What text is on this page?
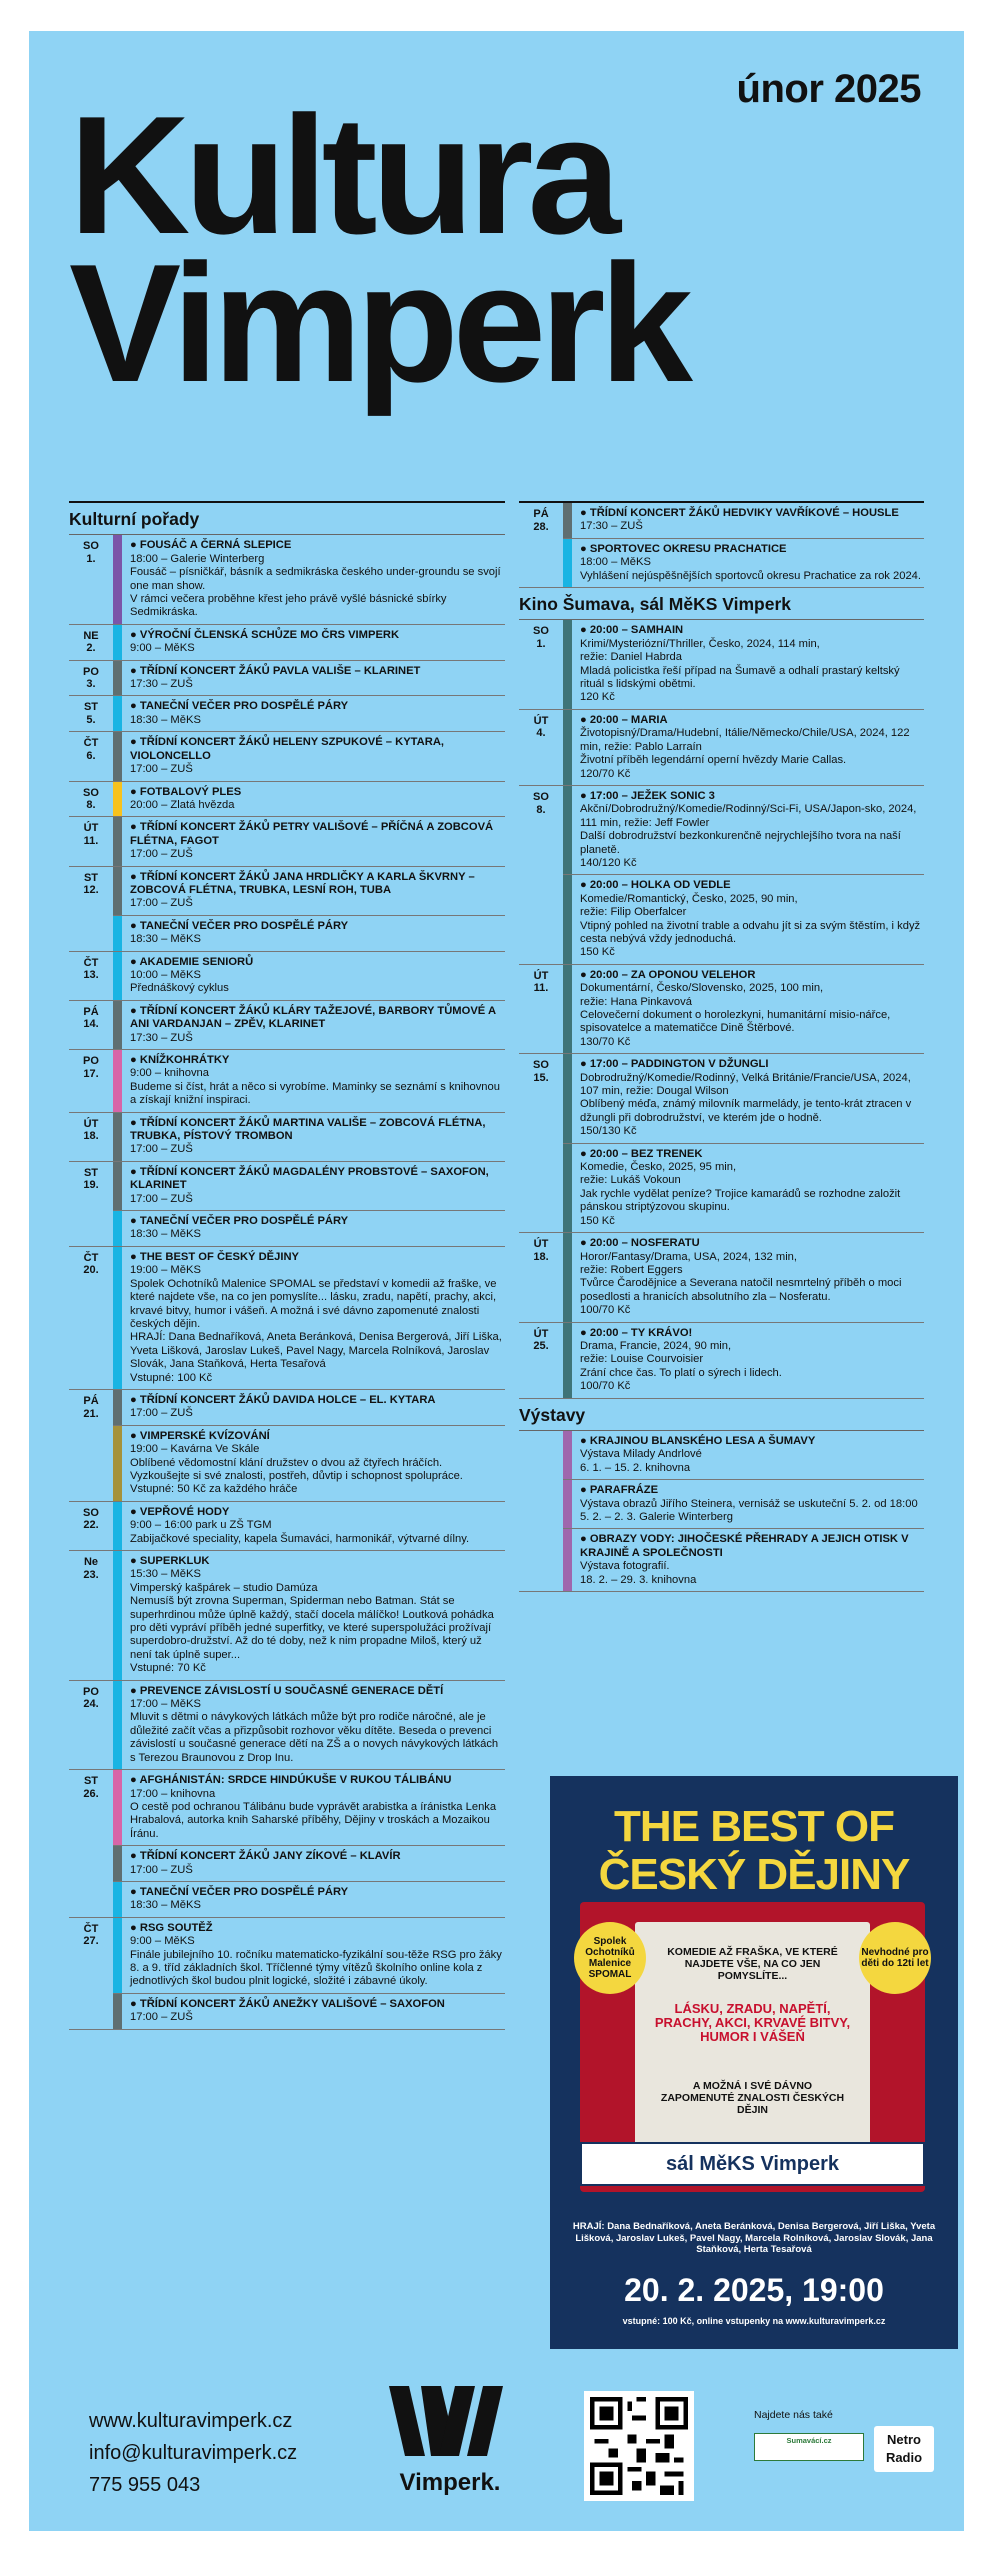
únor 2025
Kultura
Vimperk
Kulturní pořady
SO
1.
● FOUSÁČ A ČERNÁ SLEPICE
18:00 – Galerie Winterberg
Fousáč – písničkář, básník a sedmikráska českého under-groundu se svojí one man show.
V rámci večera proběhne křest jeho právě vyšlé básnické sbírky Sedmikráska.
NE
2.
● VÝROČNÍ ČLENSKÁ SCHŮZE MO ČRS VIMPERK
9:00 – MěKS
PO
3.
● TŘÍDNÍ KONCERT ŽÁKŮ PAVLA VALIŠE – KLARINET
17:30 – ZUŠ
ST
5.
● TANEČNÍ VEČER PRO DOSPĚLÉ PÁRY
18:30 – MěKS
ČT
6.
● TŘÍDNÍ KONCERT ŽÁKŮ HELENY SZPUKOVÉ – KYTARA, VIOLONCELLO
17:00 – ZUŠ
SO
8.
● FOTBALOVÝ PLES
20:00 – Zlatá hvězda
ÚT
11.
● TŘÍDNÍ KONCERT ŽÁKŮ PETRY VALIŠOVÉ – PŘÍČNÁ A ZOBCOVÁ FLÉTNA, FAGOT
17:00 – ZUŠ
ST
12.
● TŘÍDNÍ KONCERT ŽÁKŮ JANA HRDLIČKY A KARLA ŠKVRNY – ZOBCOVÁ FLÉTNA, TRUBKA, LESNÍ ROH, TUBA
17:00 – ZUŠ
● TANEČNÍ VEČER PRO DOSPĚLÉ PÁRY
18:30 – MěKS
ČT
13.
● AKADEMIE SENIORŮ
10:00 – MěKS
Přednáškový cyklus
PÁ
14.
● TŘÍDNÍ KONCERT ŽÁKŮ KLÁRY TAŽEJOVÉ, BARBORY TŮMOVÉ A ANI VARDANJAN – ZPĚV, KLARINET
17:30 – ZUŠ
PO
17.
● KNÍŽKOHRÁTKY
9:00 – knihovna
Budeme si číst, hrát a něco si vyrobíme. Maminky se seznámí s knihovnou a získají knižní inspiraci.
ÚT
18.
● TŘÍDNÍ KONCERT ŽÁKŮ MARTINA VALIŠE – ZOBCOVÁ FLÉTNA, TRUBKA, PÍSTOVÝ TROMBON
17:00 – ZUŠ
ST
19.
● TŘÍDNÍ KONCERT ŽÁKŮ MAGDALÉNY PROBSTOVÉ – SAXOFON, KLARINET
17:00 – ZUŠ
● TANEČNÍ VEČER PRO DOSPĚLÉ PÁRY
18:30 – MěKS
ČT
20.
● THE BEST OF ČESKÝ DĚJINY
19:00 – MěKS
Spolek Ochotníků Malenice SPOMAL se představí v komedii až fraške, ve které najdete vše, na co jen pomyslíte... lásku, zradu, napětí, prachy, akci, krvavé bitvy, humor i vášeň. A možná i své dávno zapomenuté znalosti českých dějin.
HRAJÍ: Dana Bednaříková, Aneta Beránková, Denisa Bergerová, Jiří Liška, Yveta Lišková, Jaroslav Lukeš, Pavel Nagy, Marcela Rolníková, Jaroslav Slovák, Jana Staňková, Herta Tesařová
Vstupné: 100 Kč
PÁ
21.
● TŘÍDNÍ KONCERT ŽÁKŮ DAVIDA HOLCE – EL. KYTARA
17:00 – ZUŠ
● VIMPERSKÉ KVÍZOVÁNÍ
19:00 – Kavárna Ve Skále
Oblíbené vědomostní klání družstev o dvou až čtyřech hráčích. Vyzkoušejte si své znalosti, postřeh, důvtip i schopnost spolupráce.
Vstupné: 50 Kč za každého hráče
SO
22.
● VEPŘOVÉ HODY
9:00 – 16:00 park u ZŠ TGM
Zabijačkové speciality, kapela Šumaváci, harmonikář, výtvarné dílny.
Ne
23.
● SUPERKLUK
15:30 – MěKS
Vimperský kašpárek – studio Damúza
Nemusíš být zrovna Superman, Spiderman nebo Batman. Stát se superhrdinou může úplně každý, stačí docela málíčko! Loutková pohádka pro děti vypráví příběh jedné superfitky, ve které superspolužáci prožívají superdobro-družství. Až do té doby, než k nim propadne Miloš, který už není tak úplně super...
Vstupné: 70 Kč
PO
24.
● PREVENCE ZÁVISLOSTÍ U SOUČASNÉ GENERACE DĚTÍ
17:00 – MěKS
Mluvit s dětmi o návykových látkách může být pro rodiče náročné, ale je důležité začít včas a přizpůsobit rozhovor věku dítěte. Beseda o prevenci závislostí u současné generace dětí na ZŠ a o novych návykových látkách s Terezou Braunovou z Drop Inu.
ST
26.
● AFGHÁNISTÁN: SRDCE HINDÚKUŠE V RUKOU TÁLIBÁNU
17:00 – knihovna
O cestě pod ochranou Tálibánu bude vyprávět arabistka a íránistka Lenka Hrabalová, autorka knih Saharské příběhy, Dějiny v troskách a Mozaikou Íránu.
● TŘÍDNÍ KONCERT ŽÁKŮ JANY ZÍKOVÉ – KLAVÍR
17:00 – ZUŠ
● TANEČNÍ VEČER PRO DOSPĚLÉ PÁRY
18:30 – MěKS
ČT
27.
● RSG SOUTĚŽ
9:00 – MěKS
Finále jubilejního 10. ročníku matematicko-fyzikální sou-těže RSG pro žáky 8. a 9. tříd základních škol. Tříčlenné týmy vítězů školního online kola z jednotlivých škol budou plnit logické, složité i zábavné úkoly.
● TŘÍDNÍ KONCERT ŽÁKŮ ANEŽKY VALIŠOVÉ – SAXOFON
17:00 – ZUŠ
PÁ
28.
● TŘÍDNÍ KONCERT ŽÁKŮ HEDVIKY VAVŘÍKOVÉ – HOUSLE
17:30 – ZUŠ
● SPORTOVEC OKRESU PRACHATICE
18:00 – MěKS
Vyhlášení nejúspěšnějších sportovců okresu Prachatice za rok 2024.
Kino Šumava, sál MěKS Vimperk
SO
1.
● 20:00 – SAMHAIN
Krimi/Mysteriózní/Thriller, Česko, 2024, 114 min,
režie: Daniel Habrda
Mladá policistka řeší případ na Šumavě a odhalí prastarý keltský rituál s lidskými obětmi.
120 Kč
ÚT
4.
● 20:00 – MARIA
Životopisný/Drama/Hudební, Itálie/Německo/Chile/USA, 2024, 122 min, režie: Pablo Larraín
Životní příběh legendární operní hvězdy Marie Callas.
120/70 Kč
SO
8.
● 17:00 – JEŽEK SONIC 3
Akční/Dobrodružný/Komedie/Rodinný/Sci-Fi, USA/Japon-sko, 2024, 111 min, režie: Jeff Fowler
Další dobrodružství bezkonkurenčně nejrychlejšího tvora na naší planetě.
140/120 Kč
● 20:00 – HOLKA OD VEDLE
Komedie/Romantický, Česko, 2025, 90 min,
režie: Filip Oberfalcer
Vtipný pohled na životní trable a odvahu jít si za svým štěstím, i když cesta nebývá vždy jednoduchá.
150 Kč
ÚT
11.
● 20:00 – ZA OPONOU VELEHOR
Dokumentární, Česko/Slovensko, 2025, 100 min,
režie: Hana Pinkavová
Celovečerní dokument o horolezkyni, humanitární misio-nářce, spisovatelce a matematičce Dině Štěrbové.
130/70 Kč
SO
15.
● 17:00 – PADDINGTON V DŽUNGLI
Dobrodružný/Komedie/Rodinný, Velká Británie/Francie/USA, 2024, 107 min, režie: Dougal Wilson
Oblíbený méďa, známý milovník marmelády, je tento-krát ztracen v džungli při dobrodružství, ve kterém jde o hodně.
150/130 Kč
● 20:00 – BEZ TRENEK
Komedie, Česko, 2025, 95 min,
režie: Lukáš Vokoun
Jak rychle vydělat peníze? Trojice kamarádů se rozhodne založit pánskou striptýzovou skupinu.
150 Kč
ÚT
18.
● 20:00 – NOSFERATU
Horor/Fantasy/Drama, USA, 2024, 132 min,
režie: Robert Eggers
Tvůrce Čarodějnice a Severana natočil nesmrtelný příběh o moci posedlosti a hranicích absolutního zla – Nosferatu.
100/70 Kč
ÚT
25.
● 20:00 – TY KRÁVO!
Drama, Francie, 2024, 90 min,
režie: Louise Courvoisier
Zrání chce čas. To platí o sýrech i lidech.
100/70 Kč
Výstavy
● KRAJINOU BLANSKÉHO LESA A ŠUMAVY
Výstava Milady Andrlové
6. 1. – 15. 2. knihovna
● PARAFRÁZE
Výstava obrazů Jiřího Steinera, vernisáž se uskuteční 5. 2. od 18:00
5. 2. – 2. 3. Galerie Winterberg
● OBRAZY VODY: JIHOČESKÉ PŘEHRADY A JEJICH OTISK V KRAJINĚ A SPOLEČNOSTI
Výstava fotografií.
18. 2. – 29. 3. knihovna
THE BEST OF
ČESKÝ DĚJINY
KOMEDIE AŽ FRAŠKA, VE KTERÉ NAJDETE VŠE, NA CO JEN POMYSLÍTE...
LÁSKU, ZRADU, NAPĚTÍ, PRACHY, AKCI, KRVAVÉ BITVY, HUMOR I VÁŠEŇ
A MOŽNÁ I SVÉ DÁVNO ZAPOMENUTÉ ZNALOSTI ČESKÝCH DĚJIN
Spolek Ochotníků Malenice SPOMAL
Nevhodné pro děti do 12ti let
sál MěKS Vimperk
HRAJÍ: Dana Bednaříková, Aneta Beránková, Denisa Bergerová, Jiří Liška, Yveta Lišková, Jaroslav Lukeš, Pavel Nagy, Marcela Rolníková, Jaroslav Slovák, Jana Staňková, Herta Tesařová
20. 2. 2025, 19:00
vstupné: 100 Kč, online vstupenky na www.kulturavimperk.cz
www.kulturavimperk.cz
info@kulturavimperk.cz
775 955 043	Vimperk.
Najdete nás také
Sumavácí.cz	Netro Radio
